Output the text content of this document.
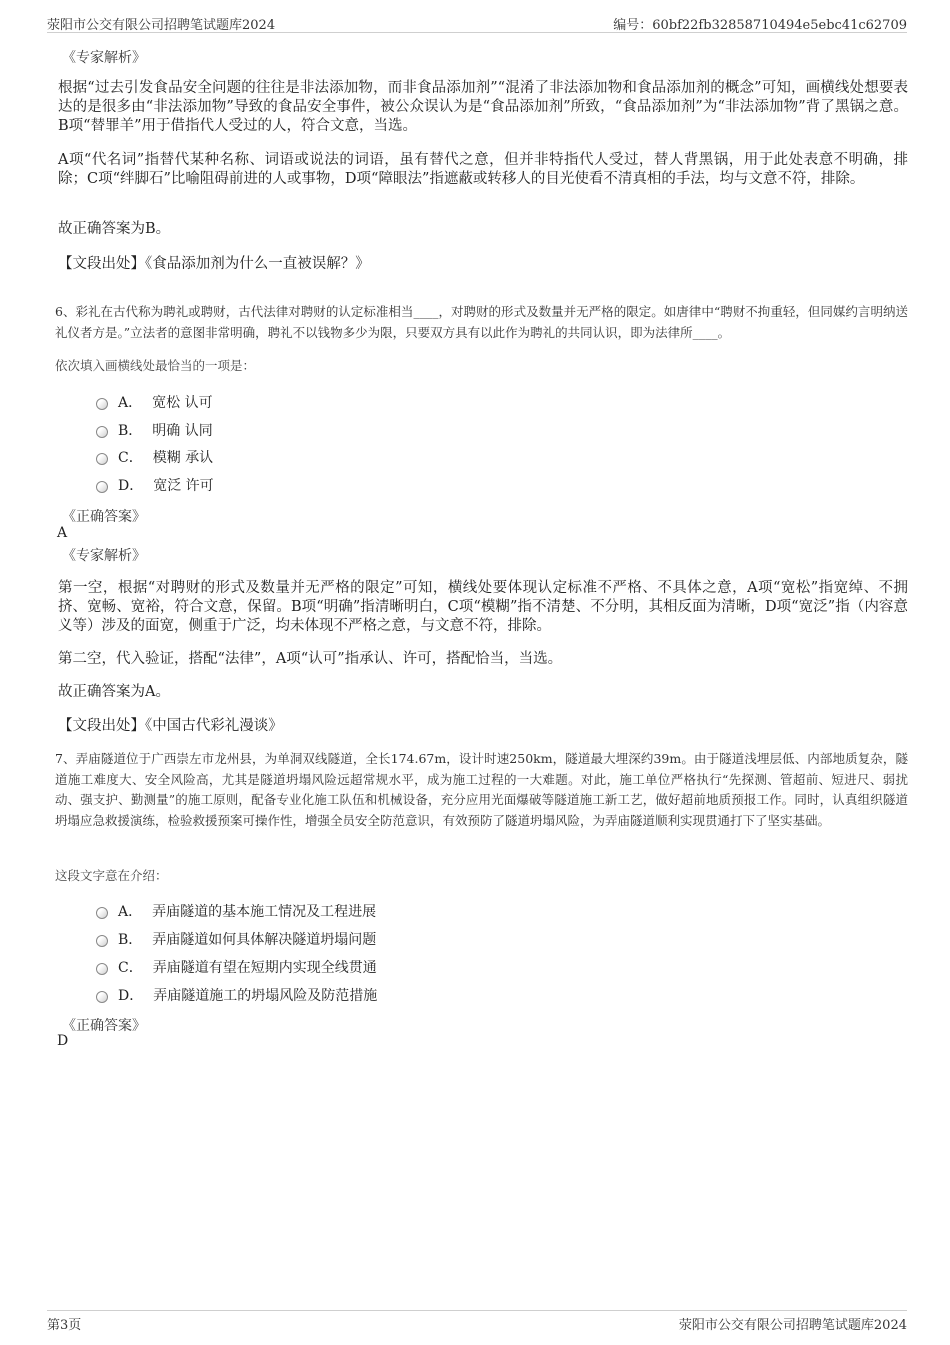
荥阳市公交有限公司招聘笔试题库2024	编号：60bf22fb32858710494e5ebc41c62709
《专家解析》
根据“过去引发食品安全问题的往往是非法添加物，而非食品添加剂”“混淆了非法添加物和食品添加剂的概念”可知，画横线处想要表达的是很多由“非法添加物”导致的食品安全事件，被公众误认为是“食品添加剂”所致，“食品添加剂”为“非法添加物”背了黑锅之意。B项“替罪羊”用于借指代人受过的人，符合文意，当选。
A项“代名词”指替代某种名称、词语或说法的词语，虽有替代之意，但并非特指代人受过，替人背黑锅，用于此处表意不明确，排除；C项“绊脚石”比喻阻碍前进的人或事物，D项“障眼法”指遮蔽或转移人的目光使看不清真相的手法，均与文意不符，排除。
故正确答案为B。
【文段出处】《食品添加剂为什么一直被误解？》
6、彩礼在古代称为聘礼或聘财，古代法律对聘财的认定标准相当____，对聘财的形式及数量并无严格的限定。如唐律中“聘财不拘重轻，但同媒约言明纳送礼仪者方是。”立法者的意图非常明确，聘礼不以钱物多少为限，只要双方具有以此作为聘礼的共同认识，即为法律所____。
依次填入画横线处最恰当的一项是：
A． 宽松 认可
B． 明确 认同
C． 模糊 承认
D． 宽泛 许可
《正确答案》
A
《专家解析》
第一空，根据“对聘财的形式及数量并无严格的限定”可知，横线处要体现认定标准不严格、不具体之意，A项“宽松”指宽绰、不拥挤、宽畅、宽裕，符合文意，保留。B项“明确”指清晰明白，C项“模糊”指不清楚、不分明，其相反面为清晰，D项“宽泛”指（内容意义等）涉及的面宽，侧重于广泛，均未体现不严格之意，与文意不符，排除。
第二空，代入验证，搭配“法律”，A项“认可”指承认、许可，搭配恰当，当选。
故正确答案为A。
【文段出处】《中国古代彩礼漫谈》
7、弄庙隧道位于广西崇左市龙州县，为单洞双线隧道，全长174.67m，设计时速250km，隧道最大埋深约39m。由于隧道浅埋层低、内部地质复杂，隧道施工难度大、安全风险高，尤其是隧道坍塌风险远超常规水平，成为施工过程的一大难题。对此，施工单位严格执行“先探测、管超前、短进尺、弱扰动、强支护、勤测量”的施工原则，配备专业化施工队伍和机械设备，充分应用光面爆破等隧道施工新工艺，做好超前地质预报工作。同时，认真组织隧道坍塌应急救援演练，检验救援预案可操作性，增强全员安全防范意识，有效预防了隧道坍塌风险，为弄庙隧道顺利实现贯通打下了坚实基础。
这段文字意在介绍：
A． 弄庙隧道的基本施工情况及工程进展
B． 弄庙隧道如何具体解决隧道坍塌问题
C． 弄庙隧道有望在短期内实现全线贯通
D． 弄庙隧道施工的坍塌风险及防范措施
《正确答案》
D
第3页	荥阳市公交有限公司招聘笔试题库2024
